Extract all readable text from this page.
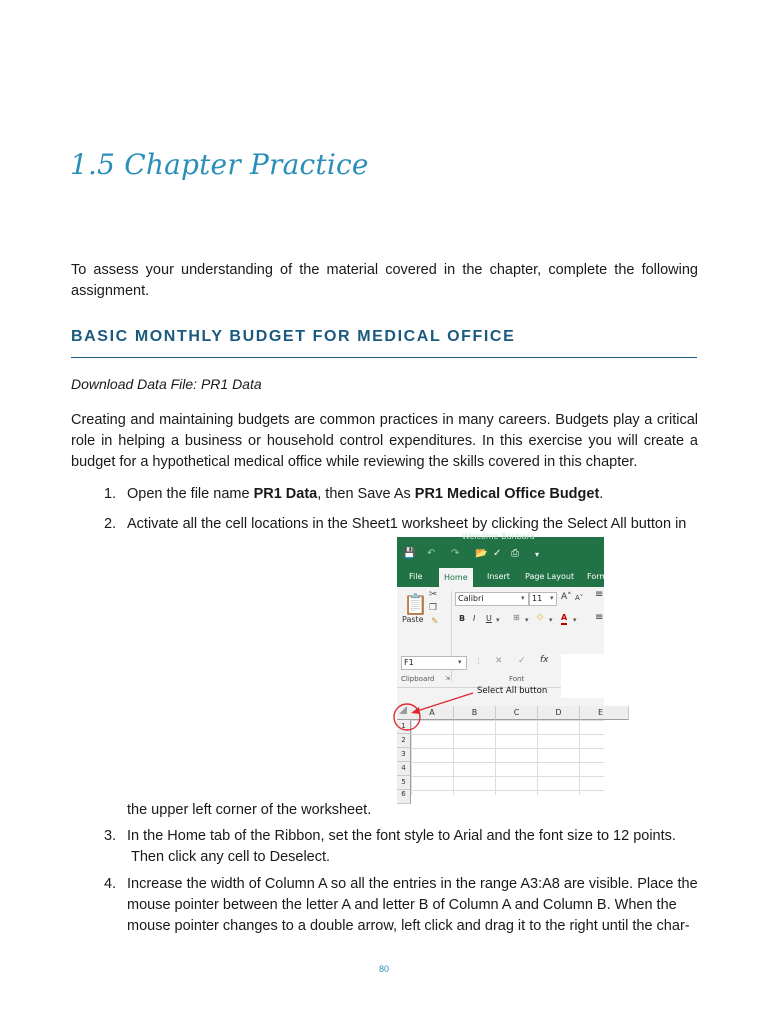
1.5 Chapter Practice
To assess your understanding of the material covered in the chapter, complete the following assignment.
BASIC MONTHLY BUDGET FOR MEDICAL OFFICE
Download Data File: PR1 Data
Creating and maintaining budgets are common practices in many careers. Budgets play a critical role in helping a business or household control expenditures. In this exercise you will create a budget for a hypothetical medical office while reviewing the skills covered in this chapter.
1. Open the file name PR1 Data, then Save As PR1 Medical Office Budget.
2. Activate all the cell locations in the Sheet1 worksheet by clicking the Select All button in
Welcome Banbara
💾 ↶ ↷ 📂 ✓ ⎙ ▾
File	Home	Insert Page Layout Form
📋 ✂
❐
✎
Paste
Clipboard ⇲
Calibri	▾ 11	▾ A˄ A˅ ≡
B I U ▾ ⊞ ▾ ◇ ▾ A ▾ ≡
Font
F1	▾ ⋮ ✕ ✓ fx
Select All button
A	B	C	D	E
1
2
3
4
5
6
the upper left corner of the worksheet.
3. In the Home tab of the Ribbon, set the font style to Arial and the font size to 12 points.
Then click any cell to Deselect.
4. Increase the width of Column A so all the entries in the range A3:A8 are visible. Place the
mouse pointer between the letter A and letter B of Column A and Column B. When the
mouse pointer changes to a double arrow, left click and drag it to the right until the char-
80
